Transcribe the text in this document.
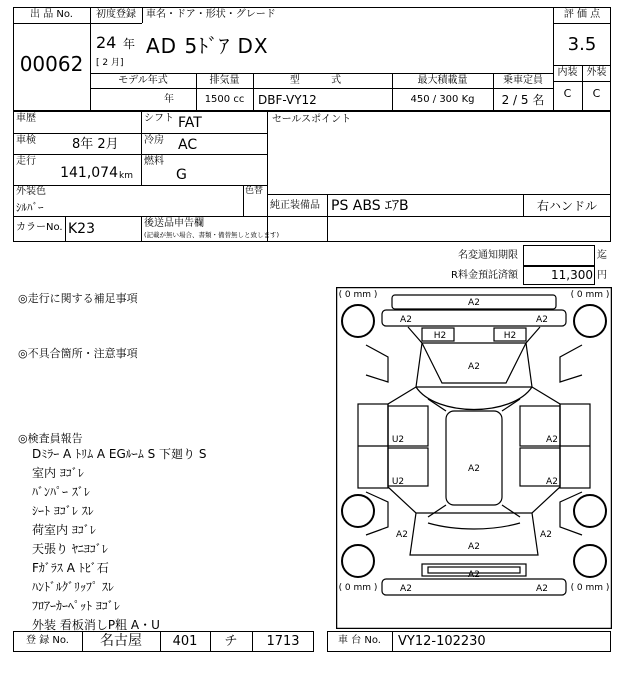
出 品 No.
00062
初度登録
24 年
[ 2 月]
車名・ドア・形状・グレード
AD 5ﾄﾞｱ DX
評 価 点
3.5
内装 外装
C	C
モデル年式
年
排気量
1500 cc
型 式
DBF-VY12
最大積載量
450 / 300 Kg
乗車定員
2 / 5 名
車歴	シフト FAT
車検	8年 2月	冷房 AC
走行
141,074 km
燃料
G
セールスポイント
外装色
ｼﾙﾊﾞｰ
色替
純正装備品 PS ABS ｴｱB	右ハンドル
カラーNo. K23	後送品申告欄
(記載が無い場合、書類・備替無しと致します)
名変通知期限	迄
R料金預託済額	11,300 円
◎走行に関する補足事項
◎不具合箇所・注意事項
◎検査員報告
Dﾐﾗｰ A ﾄﾘﾑ A EGﾙｰﾑ S 下廻り S
室内 ﾖｺﾞﾚ
ﾊﾞﾝﾊﾟｰ ｽﾞﾚ
ｼｰﾄ ﾖｺﾞﾚ ｽﾚ
荷室内 ﾖｺﾞﾚ
天張り ﾔﾆﾖｺﾞﾚ
Fｶﾞﾗｽ A ﾄﾋﾞ石
ﾊﾝﾄﾞﾙｸﾞﾘｯﾌﾟ ｽﾚ
ﾌﾛｱｰｶｰﾍﾟｯﾄ ﾖｺﾞﾚ
外装 看板消しP粗 A・U
( 0 mm )	( 0 mm )
( 0 mm )	( 0 mm )
A2
A2	A2
H2	H2
A2
U2
U2
A2
A2
A2
A2	A2
A2
A2
A2	A2
登 録 No.	名古屋	401	チ	1713	車 台 No.	VY12-102230
